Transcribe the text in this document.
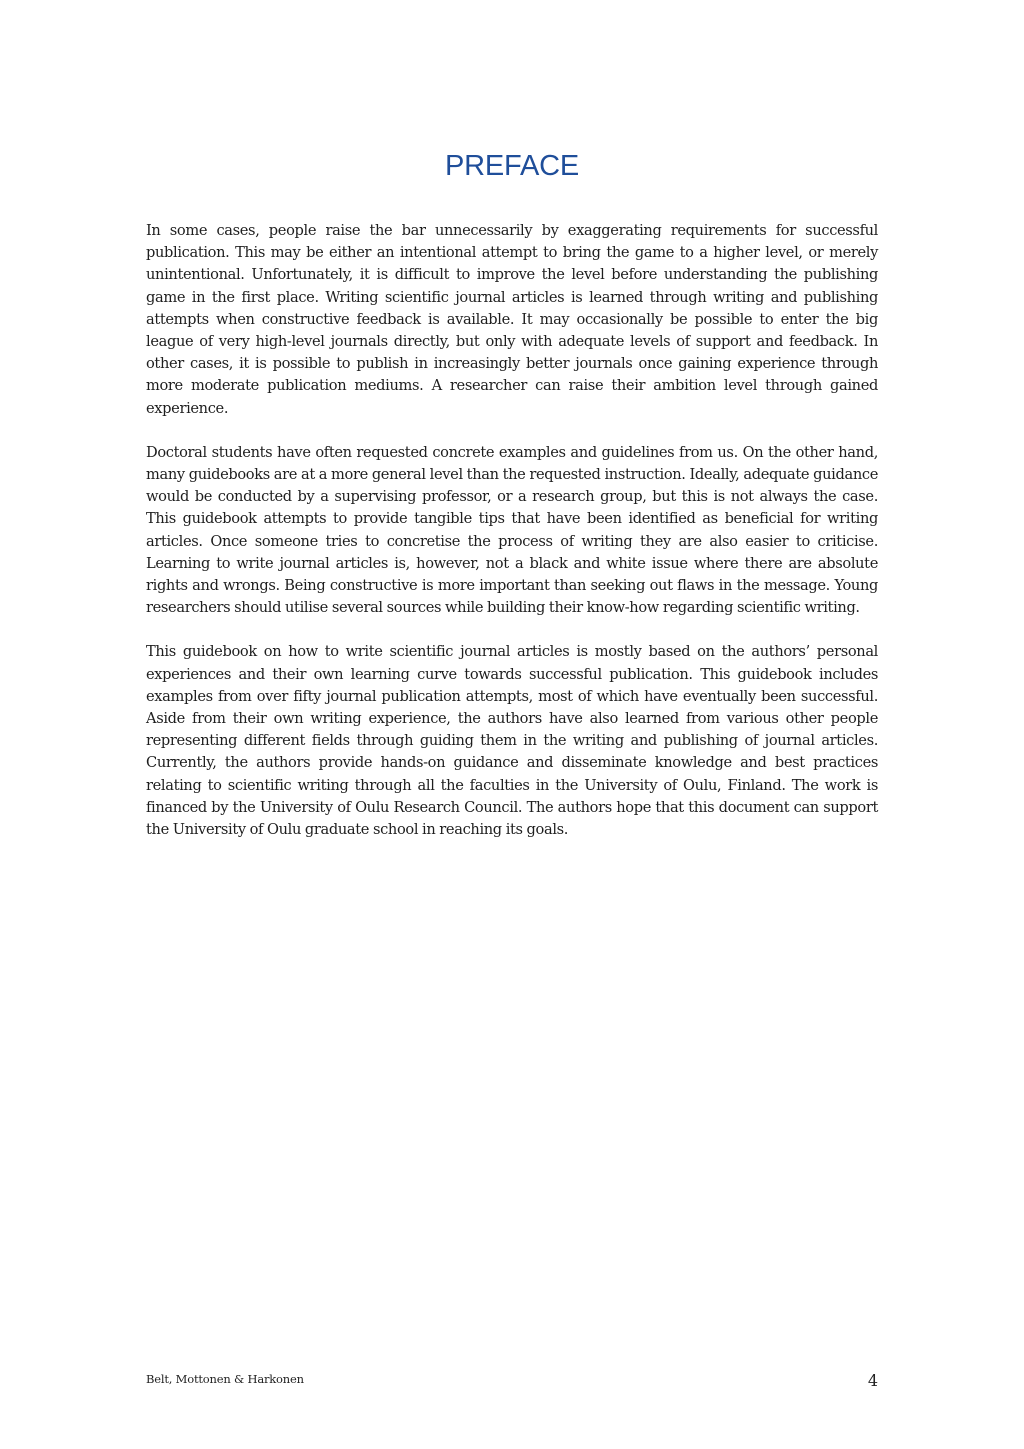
PREFACE

In some cases, people raise the bar unnecessarily by exaggerating requirements for successful publication. This may be either an intentional attempt to bring the game to a higher level, or merely unintentional. Unfortunately, it is difficult to improve the level before understanding the publishing game in the first place. Writing scientific journal articles is learned through writing and publishing attempts when constructive feedback is available. It may occasionally be possible to enter the big league of very high-level journals directly, but only with adequate levels of support and feedback. In other cases, it is possible to publish in increasingly better journals once gaining experience through more moderate publication mediums. A researcher can raise their ambition level through gained experience.

Doctoral students have often requested concrete examples and guidelines from us. On the other hand, many guidebooks are at a more general level than the requested instruction. Ideally, adequate guidance would be conducted by a supervising professor, or a research group, but this is not always the case. This guidebook attempts to provide tangible tips that have been identified as beneficial for writing articles. Once someone tries to concretise the process of writing they are also easier to criticise. Learning to write journal articles is, however, not a black and white issue where there are absolute rights and wrongs. Being constructive is more important than seeking out flaws in the message. Young researchers should utilise several sources while building their know-how regarding scientific writing.

This guidebook on how to write scientific journal articles is mostly based on the authors’ personal experiences and their own learning curve towards successful publication. This guidebook includes examples from over fifty journal publication attempts, most of which have eventually been successful. Aside from their own writing experience, the authors have also learned from various other people representing different fields through guiding them in the writing and publishing of journal articles. Currently, the authors provide hands-on guidance and disseminate knowledge and best practices relating to scientific writing through all the faculties in the University of Oulu, Finland. The work is financed by the University of Oulu Research Council. The authors hope that this document can support the University of Oulu graduate school in reaching its goals.

Belt, Mottonen & Harkonen	4
